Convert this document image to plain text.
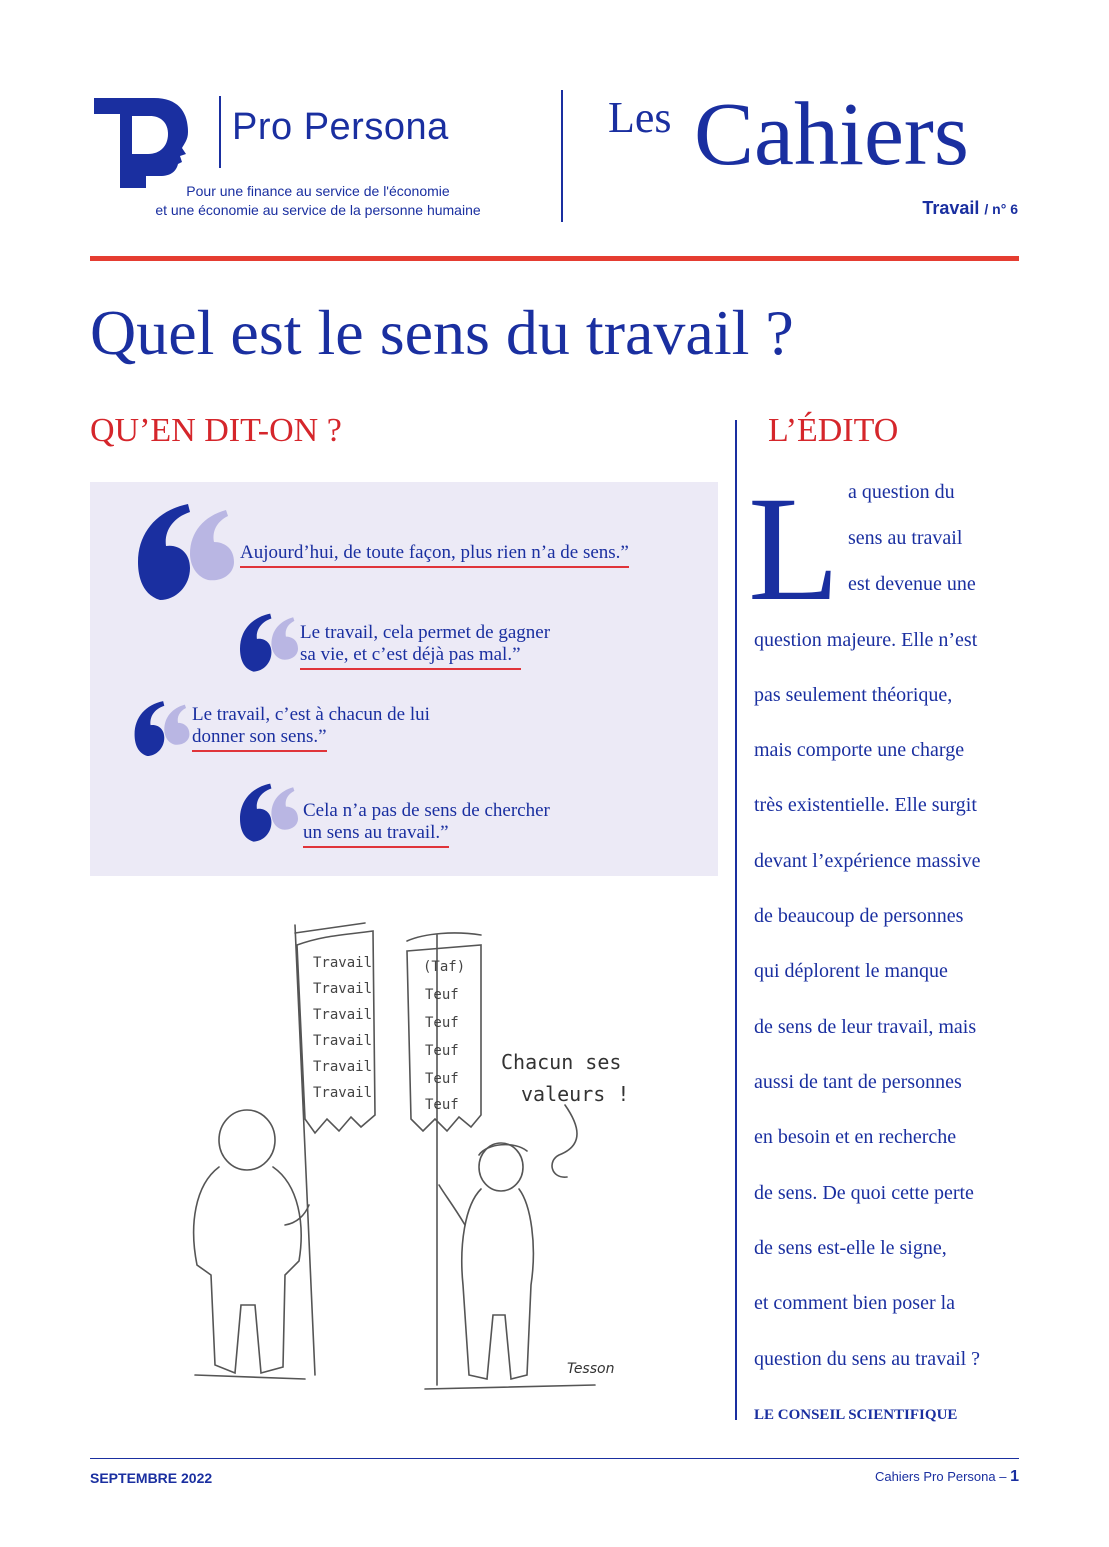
Pro Persona
Pour une finance au service de l'économie
et une économie au service de la personne humaine
Les Cahiers
Travail / n° 6
Quel est le sens du travail ?
QU’EN DIT-ON ?
Aujourd’hui, de toute façon, plus rien n’a de sens.”
Le travail, cela permet de gagner
sa vie, et c’est déjà pas mal.”
Le travail, c’est à chacun de lui
donner son sens.”
Cela n’a pas de sens de chercher
un sens au travail.”
Travail
Travail
Travail
Travail
Travail
Travail
(Taf)
Teuf
Teuf
Teuf
Teuf
Teuf
Chacun ses
valeurs !
Tesson
L’ÉDITO
L a question du
sens au travail
est devenue une
question majeure. Elle n’est
pas seulement théorique,
mais comporte une charge
très existentielle. Elle surgit
devant l’expérience massive
de beaucoup de personnes
qui déplorent le manque
de sens de leur travail, mais
aussi de tant de personnes
en besoin et en recherche
de sens. De quoi cette perte
de sens est-elle le signe,
et comment bien poser la
question du sens au travail ?
LE CONSEIL SCIENTIFIQUE
SEPTEMBRE 2022	Cahiers Pro Persona – 1
